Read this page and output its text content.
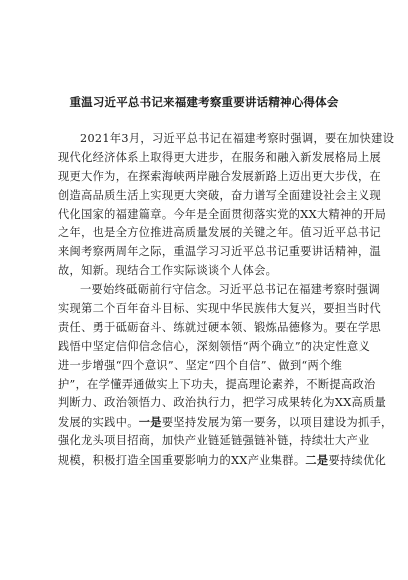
重温习近平总书记来福建考察重要讲话精神心得体会
2021年3月，习近平总书记在福建考察时强调，要在加快建设
现代化经济体系上取得更大进步，在服务和融入新发展格局上展
现更大作为，在探索海峡两岸融合发展新路上迈出更大步伐，在
创造高品质生活上实现更大突破，奋力谱写全面建设社会主义现
代化国家的福建篇章。今年是全面贯彻落实党的XX大精神的开局
之年，也是全方位推进高质量发展的关键之年。值习近平总书记
来闽考察两周年之际，重温学习习近平总书记重要讲话精神，温
故，知新。现结合工作实际谈谈个人体会。
一要始终砥砺前行守信念。习近平总书记在福建考察时强调
实现第二个百年奋斗目标、实现中华民族伟大复兴，要担当时代
责任、勇于砥砺奋斗、练就过硬本领、锻炼品德修为。要在学思
践悟中坚定信仰信念信心，深刻领悟“两个确立”的决定性意义
进一步增强“四个意识”、坚定“四个自信”、做到“两个维
护”，在学懂弄通做实上下功夫，提高理论素养，不断提高政治
判断力、政治领悟力、政治执行力，把学习成果转化为XX高质量
发展的实践中。一是要坚持发展为第一要务，以项目建设为抓手，
强化龙头项目招商，加快产业链延链强链补链，持续壮大产业
规模，积极打造全国重要影响力的XX产业集群。二是要持续优化
